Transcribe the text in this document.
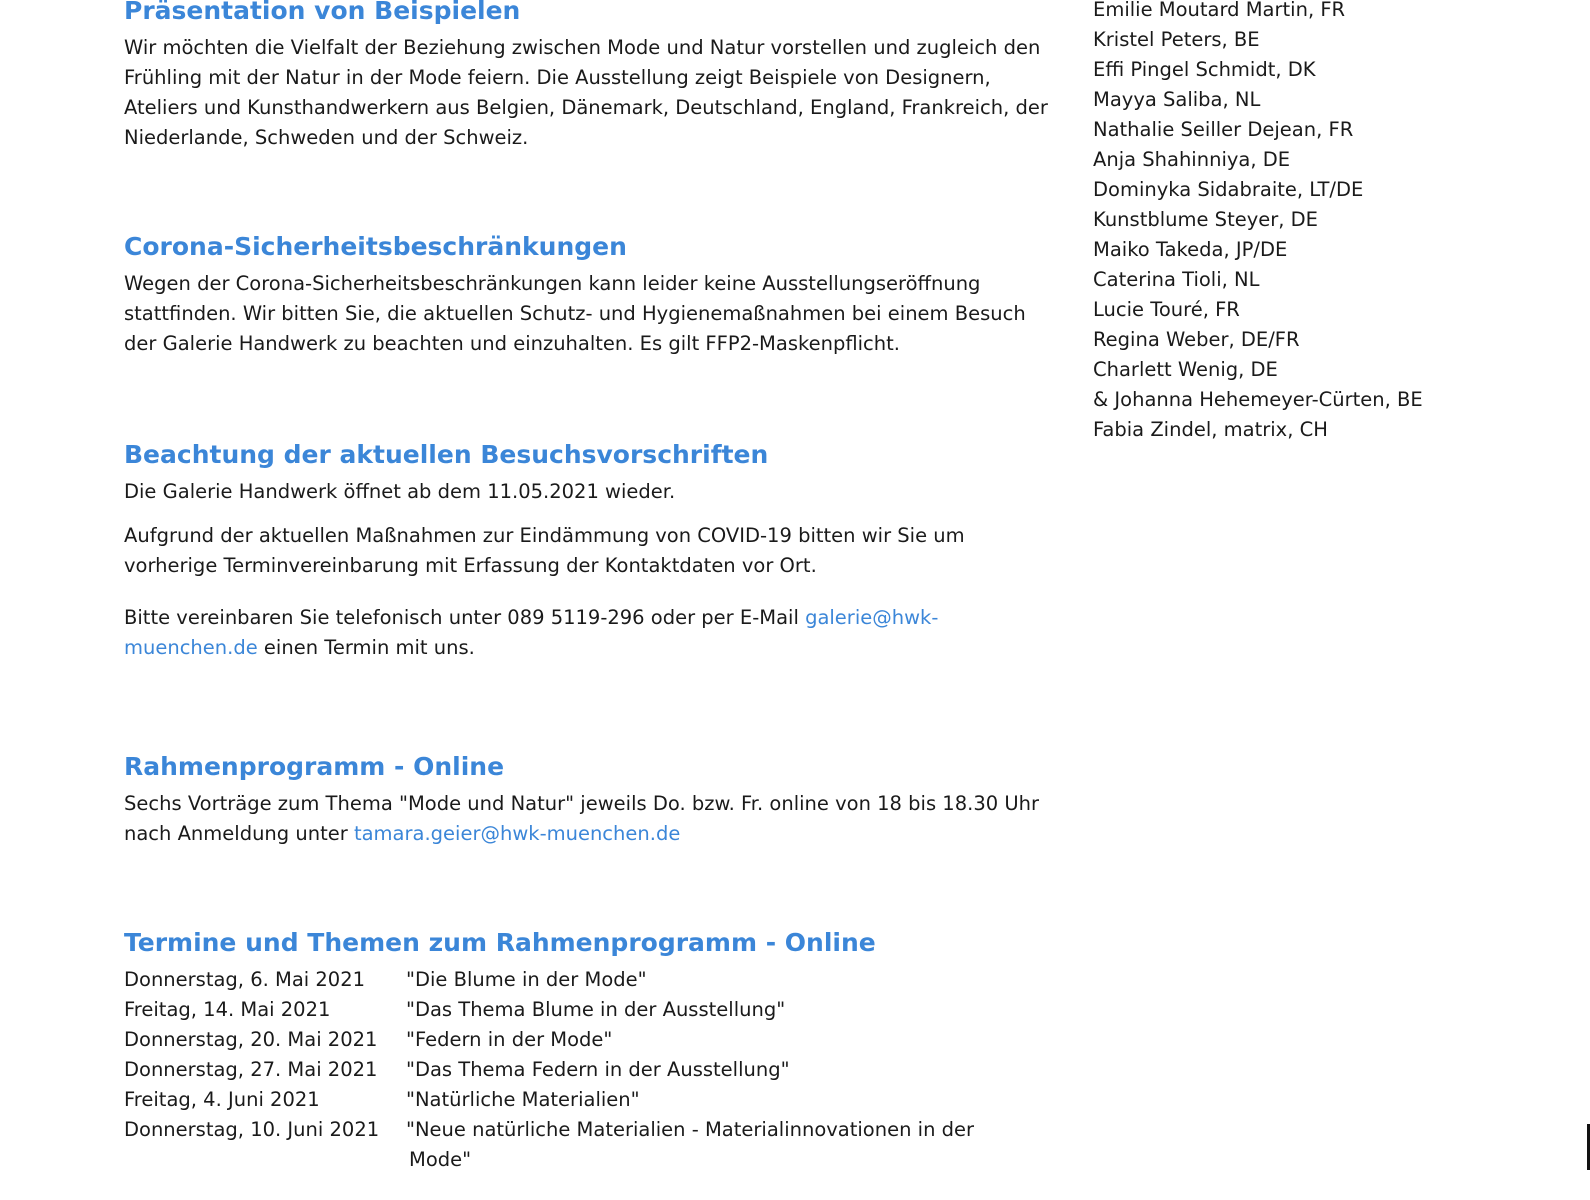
Präsentation von Beispielen

Wir möchten die Vielfalt der Beziehung zwischen Mode und Natur vorstellen und zugleich den Frühling mit der Natur in der Mode feiern. Die Ausstellung zeigt Beispiele von Designern, Ateliers und Kunsthandwerkern aus Belgien, Dänemark, Deutschland, England, Frankreich, der Niederlande, Schweden und der Schweiz.

Corona-Sicherheitsbeschränkungen

Wegen der Corona-Sicherheitsbeschränkungen kann leider keine Ausstellungseröffnung stattfinden. Wir bitten Sie, die aktuellen Schutz- und Hygienemaßnahmen bei einem Besuch der Galerie Handwerk zu beachten und einzuhalten. Es gilt FFP2-Maskenpflicht.

Beachtung der aktuellen Besuchsvorschriften

Die Galerie Handwerk öffnet ab dem 11.05.2021 wieder.

Aufgrund der aktuellen Maßnahmen zur Eindämmung von COVID-19 bitten wir Sie um vorherige Terminvereinbarung mit Erfassung der Kontaktdaten vor Ort.

Bitte vereinbaren Sie telefonisch unter 089 5119-296 oder per E-Mail galerie@hwk-muenchen.de einen Termin mit uns.

Rahmenprogramm - Online

Sechs Vorträge zum Thema "Mode und Natur" jeweils Do. bzw. Fr. online von 18 bis 18.30 Uhr nach Anmeldung unter tamara.geier@hwk-muenchen.de

Termine und Themen zum Rahmenprogramm - Online
Donnerstag, 6. Mai 2021	"Die Blume in der Mode"
Freitag, 14. Mai 2021	"Das Thema Blume in der Ausstellung"
Donnerstag, 20. Mai 2021	"Federn in der Mode"
Donnerstag, 27. Mai 2021	"Das Thema Federn in der Ausstellung"
Freitag, 4. Juni 2021	"Natürliche Materialien"
Donnerstag, 10. Juni 2021	"Neue natürliche Materialien - Materialinnovationen in der Mode"
Emilie Moutard Martin, FR
Kristel Peters, BE
Effi Pingel Schmidt, DK
Mayya Saliba, NL
Nathalie Seiller Dejean, FR
Anja Shahinniya, DE
Dominyka Sidabraite, LT/DE
Kunstblume Steyer, DE
Maiko Takeda, JP/DE
Caterina Tioli, NL
Lucie Touré, FR
Regina Weber, DE/FR
Charlett Wenig, DE
& Johanna Hehemeyer-Cürten, BE
Fabia Zindel, matrix, CH
